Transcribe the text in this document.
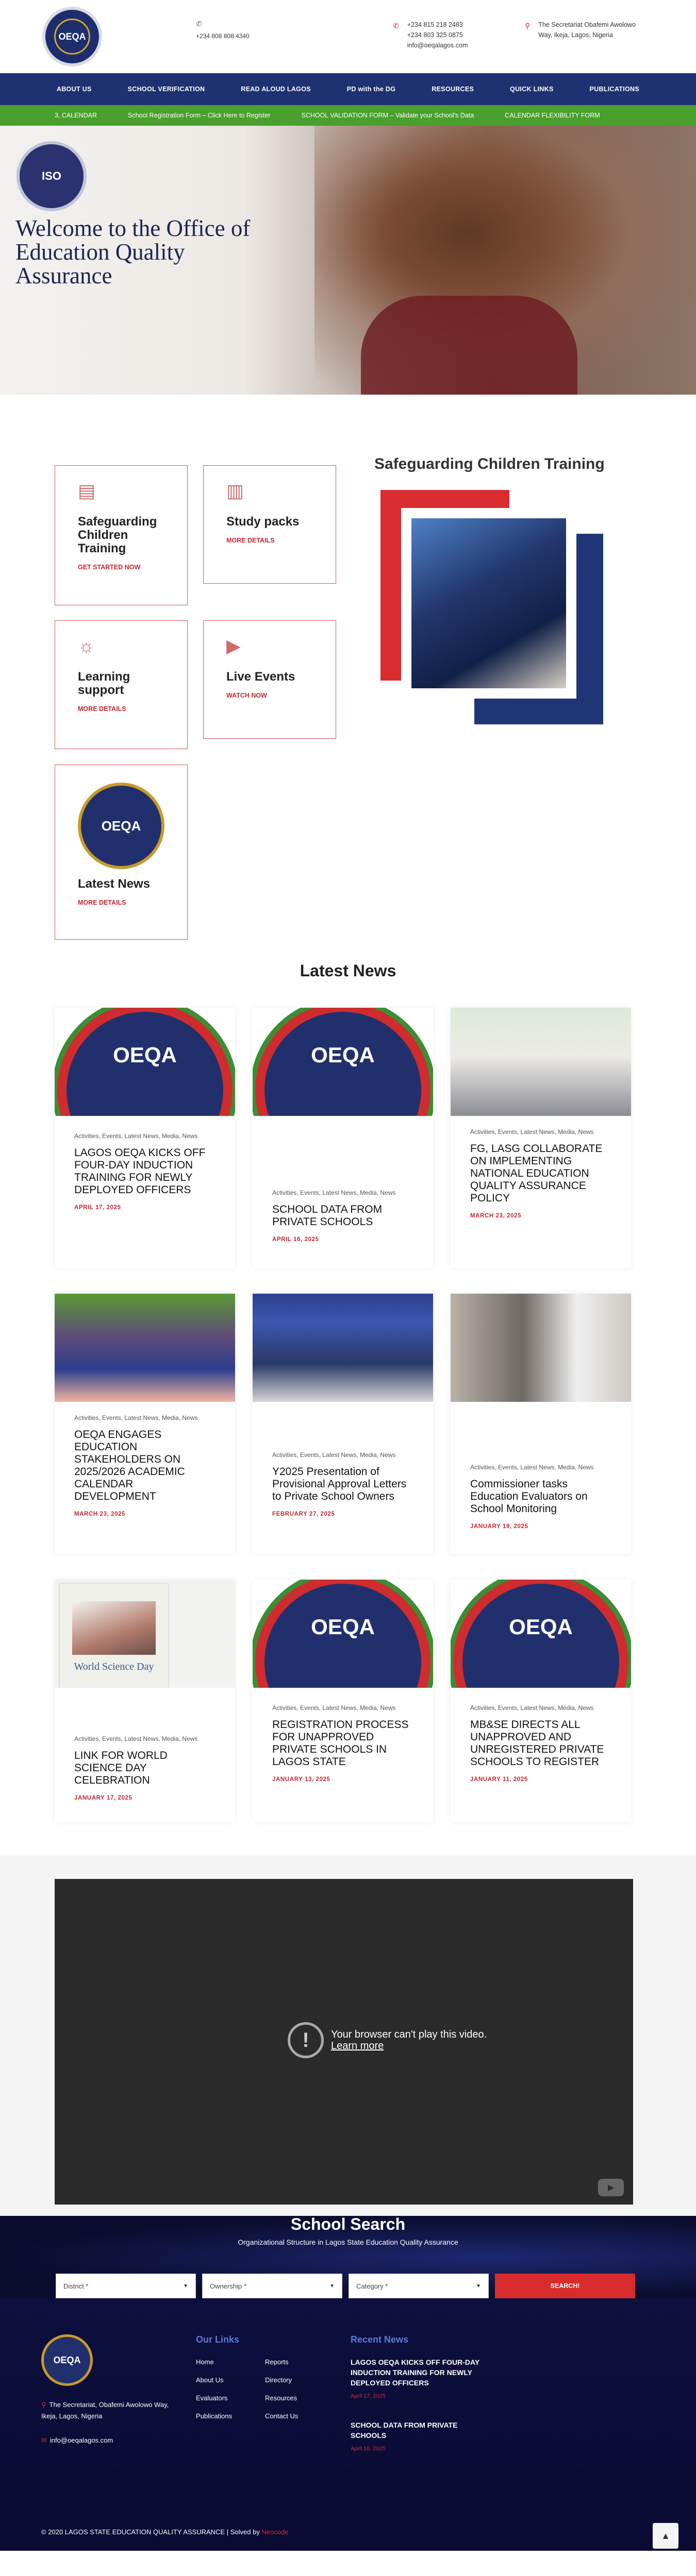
OEQA
✆
+234 808 808 4340
✆ +234 815 218 2483
+234 803 325 0875
info@oeqalagos.com
⚲ The Secretariat Obafemi Awolowo Way, Ikeja, Lagos, Nigeria
ABOUT US	SCHOOL VERIFICATION	READ ALOUD LAGOS	PD with the DG	RESOURCES	QUICK LINKS	PUBLICATIONS
3, CALENDAR	School Registration Form – Click Here to Register	SCHOOL VALIDATION FORM – Validate your School's Data	CALENDAR FLEXIBILITY FORM
ISO
Welcome to the Office of Education Quality Assurance
▤
Safeguarding Children Training
GET STARTED NOW
▥
Study packs
MORE DETAILS
☼
Learning support
MORE DETAILS
▶
Live Events
WATCH NOW
OEQA
Latest News
MORE DETAILS
Safeguarding Children Training
Latest News
OEQA
Activities, Events, Latest News, Media, News
LAGOS OEQA KICKS OFF FOUR-DAY INDUCTION TRAINING FOR NEWLY DEPLOYED OFFICERS
APRIL 17, 2025
OEQA
Activities, Events, Latest News, Media, News
SCHOOL DATA FROM PRIVATE SCHOOLS
APRIL 16, 2025
Activities, Events, Latest News, Media, News
FG, LASG COLLABORATE ON IMPLEMENTING NATIONAL EDUCATION QUALITY ASSURANCE POLICY
MARCH 23, 2025
Activities, Events, Latest News, Media, News
OEQA ENGAGES EDUCATION STAKEHOLDERS ON 2025/2026 ACADEMIC CALENDAR DEVELOPMENT
MARCH 23, 2025
Activities, Events, Latest News, Media, News
Y2025 Presentation of Provisional Approval Letters to Private School Owners
FEBRUARY 27, 2025
Activities, Events, Latest News, Media, News
Commissioner tasks Education Evaluators on School Monitoring
JANUARY 19, 2025
World Science Day
Activities, Events, Latest News, Media, News
LINK FOR WORLD SCIENCE DAY CELEBRATION
JANUARY 17, 2025
OEQA
Activities, Events, Latest News, Media, News
REGISTRATION PROCESS FOR UNAPPROVED PRIVATE SCHOOLS IN LAGOS STATE
JANUARY 13, 2025
OEQA
Activities, Events, Latest News, Media, News
MB&SE DIRECTS ALL UNAPPROVED AND UNREGISTERED PRIVATE SCHOOLS TO REGISTER
JANUARY 11, 2025
!	Your browser can't play this video.
Learn more
▶
School Search
Organizational Structure in Lagos State Education Quality Assurance
District *	▼	Ownership *	▼	Category *	▼	SEARCH!
OEQA
⚲ The Secretariat, Obafemi Awolowo Way, Ikeja, Lagos, Nigeria
✉ info@oeqalagos.com
Our Links
Home	Reports
About Us	Directory
Evaluators	Resources
Publications	Contact Us
Recent News
LAGOS OEQA KICKS OFF FOUR-DAY INDUCTION TRAINING FOR NEWLY DEPLOYED OFFICERS
April 17, 2025
SCHOOL DATA FROM PRIVATE SCHOOLS
April 16, 2025
© 2020 LAGOS STATE EDUCATION QUALITY ASSURANCE | Solved by Neocode	▲
